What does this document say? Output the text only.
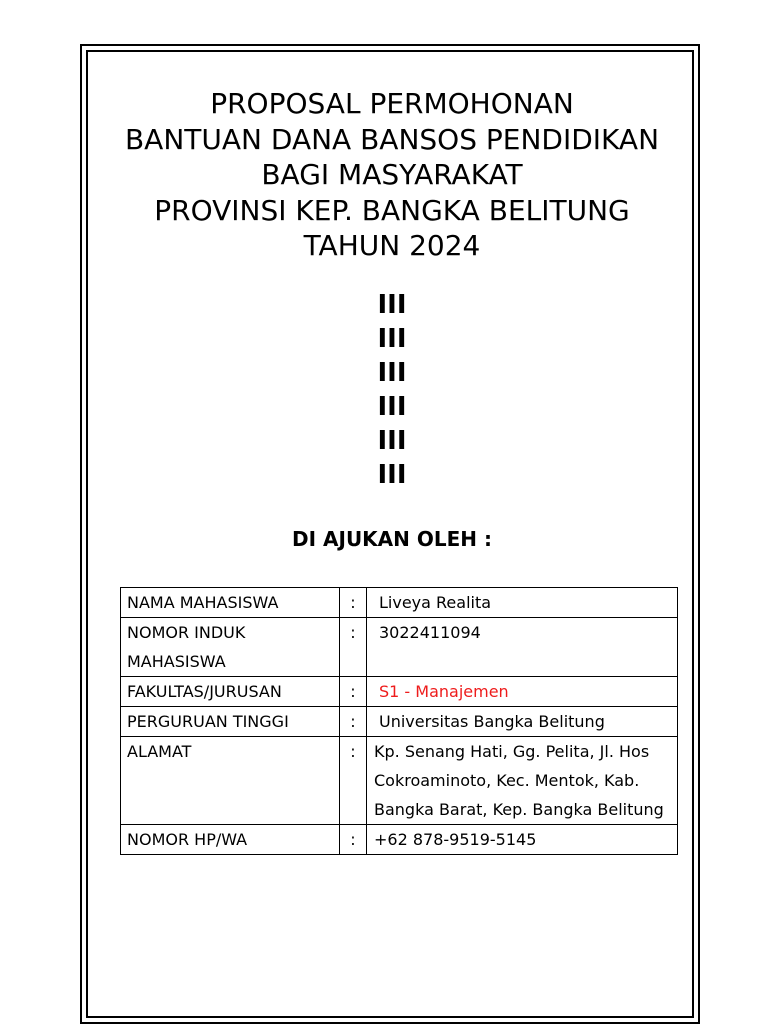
PROPOSAL PERMOHONAN
BANTUAN DANA BANSOS PENDIDIKAN
BAGI MASYARAKAT
PROVINSI KEP. BANGKA BELITUNG
TAHUN 2024
III
III
III
III
III
III
DI AJUKAN OLEH :
NAMA MAHASISWA	:	Liveya Realita
NOMOR INDUK MAHASISWA	:	3022411094
FAKULTAS/JURUSAN	:	S1 - Manajemen
PERGURUAN TINGGI	:	Universitas Bangka Belitung
ALAMAT	:	Kp. Senang Hati, Gg. Pelita, Jl. Hos Cokroaminoto, Kec. Mentok, Kab. Bangka Barat, Kep. Bangka Belitung
NOMOR HP/WA	:	+62 878-9519-5145
